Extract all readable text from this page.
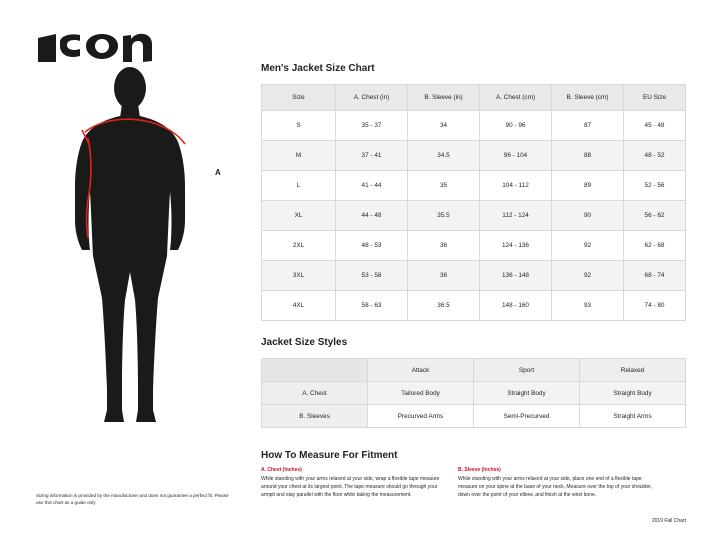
A
B
Sizing information is provided by the manufacturer and does not guarantee a perfect fit. Please use this chart as a guide only
Men's Jacket Size Chart
Jacket Size Styles
How To Measure For Fitment
Size	A. Chest (in)	B. Sleeve (in)	A. Chest (cm)	B. Sleeve (cm)	EU Size
S	35 - 37	34	90 - 96	87	45 - 48
M	37 - 41	34.5	96 - 104	88	48 - 52
L	41 - 44	35	104 - 112	89	52 - 56
XL	44 - 48	35.5	112 - 124	90	56 - 62
2XL	48 - 53	36	124 - 136	92	62 - 68
3XL	53 - 58	36	136 - 148	92	68 - 74
4XL	58 - 63	36.5	148 - 160	93	74 - 80
	Attack	Sport	Relaxed
A. Chest	Tailored Body	Straight Body	Straight Body
B. Sleeves	Precurved Arms	Semi-Precurved	Straight Arms
A. Chest (Inches)
While standing with your arms relaxed at your side, wrap a flexible tape measure around your chest at its largest point. The tape measure should go through your armpit and stay parallel with the floor while taking the measurement.
B. Sleeve (Inches)
While standing with your arms relaxed at your side, place one end of a flexible tape measure on your spine at the base of your neck, Measure over the top of your shoulder, down over the point of your elbow, and finish at the wrist bone.
2019 Fall Chart
